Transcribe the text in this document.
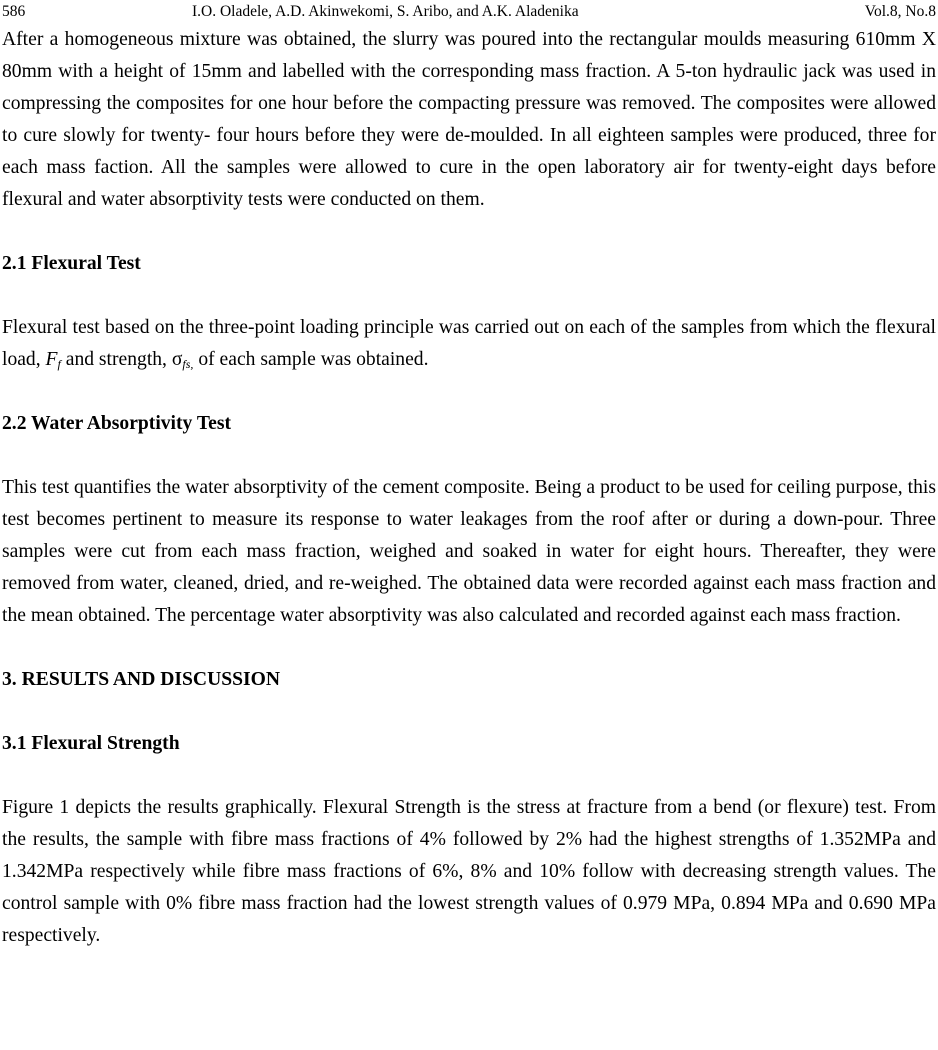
586	I.O. Oladele, A.D. Akinwekomi, S. Aribo, and A.K. Aladenika	Vol.8, No.8

After a homogeneous mixture was obtained, the slurry was poured into the rectangular moulds measuring 610mm X 80mm with a height of 15mm and labelled with the corresponding mass fraction. A 5-ton hydraulic jack was used in compressing the composites for one hour before the compacting pressure was removed. The composites were allowed to cure slowly for twenty- four hours before they were de-moulded. In all eighteen samples were produced, three for each mass faction. All the samples were allowed to cure in the open laboratory air for twenty-eight days before flexural and water absorptivity tests were conducted on them.

2.1 Flexural Test

Flexural test based on the three-point loading principle was carried out on each of the samples from which the flexural load, $F_f$ and strength, $\sigma_{fs,}$ of each sample was obtained.

2.2 Water Absorptivity Test

This test quantifies the water absorptivity of the cement composite. Being a product to be used for ceiling purpose, this test becomes pertinent to measure its response to water leakages from the roof after or during a down-pour. Three samples were cut from each mass fraction, weighed and soaked in water for eight hours. Thereafter, they were removed from water, cleaned, dried, and re-weighed. The obtained data were recorded against each mass fraction and the mean obtained. The percentage water absorptivity was also calculated and recorded against each mass fraction.

3. RESULTS AND DISCUSSION
3.1 Flexural Strength

Figure 1 depicts the results graphically. Flexural Strength is the stress at fracture from a bend (or flexure) test. From the results, the sample with fibre mass fractions of 4% followed by 2% had the highest strengths of 1.352MPa and 1.342MPa respectively while fibre mass fractions of 6%, 8% and 10% follow with decreasing strength values. The control sample with 0% fibre mass fraction had the lowest strength values of 0.979 MPa, 0.894 MPa and 0.690 MPa respectively.
